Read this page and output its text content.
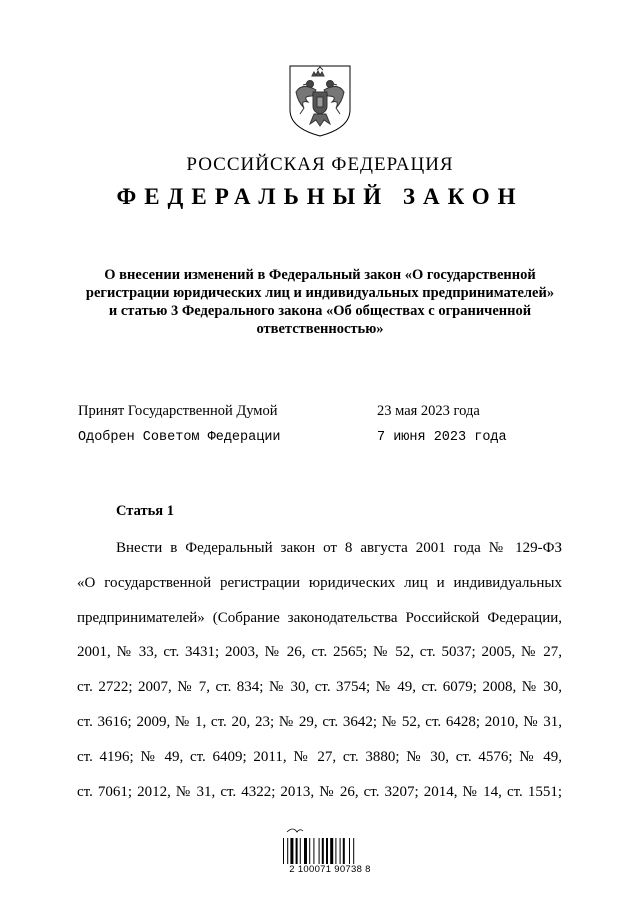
РОССИЙСКАЯ ФЕДЕРАЦИЯ
ФЕДЕРАЛЬНЫЙ ЗАКОН
О внесении изменений в Федеральный закон «О государственной
регистрации юридических лиц и индивидуальных предпринимателей»
и статью 3 Федерального закона «Об обществах с ограниченной
ответственностью»
Принят Государственной Думой	23 мая 2023 года
Одобрен Советом Федерации	7 июня 2023 года
Статья 1
Внести в Федеральный закон от 8 августа 2001 года № 129-ФЗ
«О государственной регистрации юридических лиц и индивидуальных
предпринимателей» (Собрание законодательства Российской Федерации,
2001, № 33, ст. 3431; 2003, № 26, ст. 2565; № 52, ст. 5037; 2005, № 27,
ст. 2722; 2007, № 7, ст. 834; № 30, ст. 3754; № 49, ст. 6079; 2008, № 30,
ст. 3616; 2009, № 1, ст. 20, 23; № 29, ст. 3642; № 52, ст. 6428; 2010, № 31,
ст. 4196; № 49, ст. 6409; 2011, № 27, ст. 3880; № 30, ст. 4576; № 49,
ст. 7061; 2012, № 31, ст. 4322; 2013, № 26, ст. 3207; 2014, № 14, ст. 1551;
2 100071 90738 8
